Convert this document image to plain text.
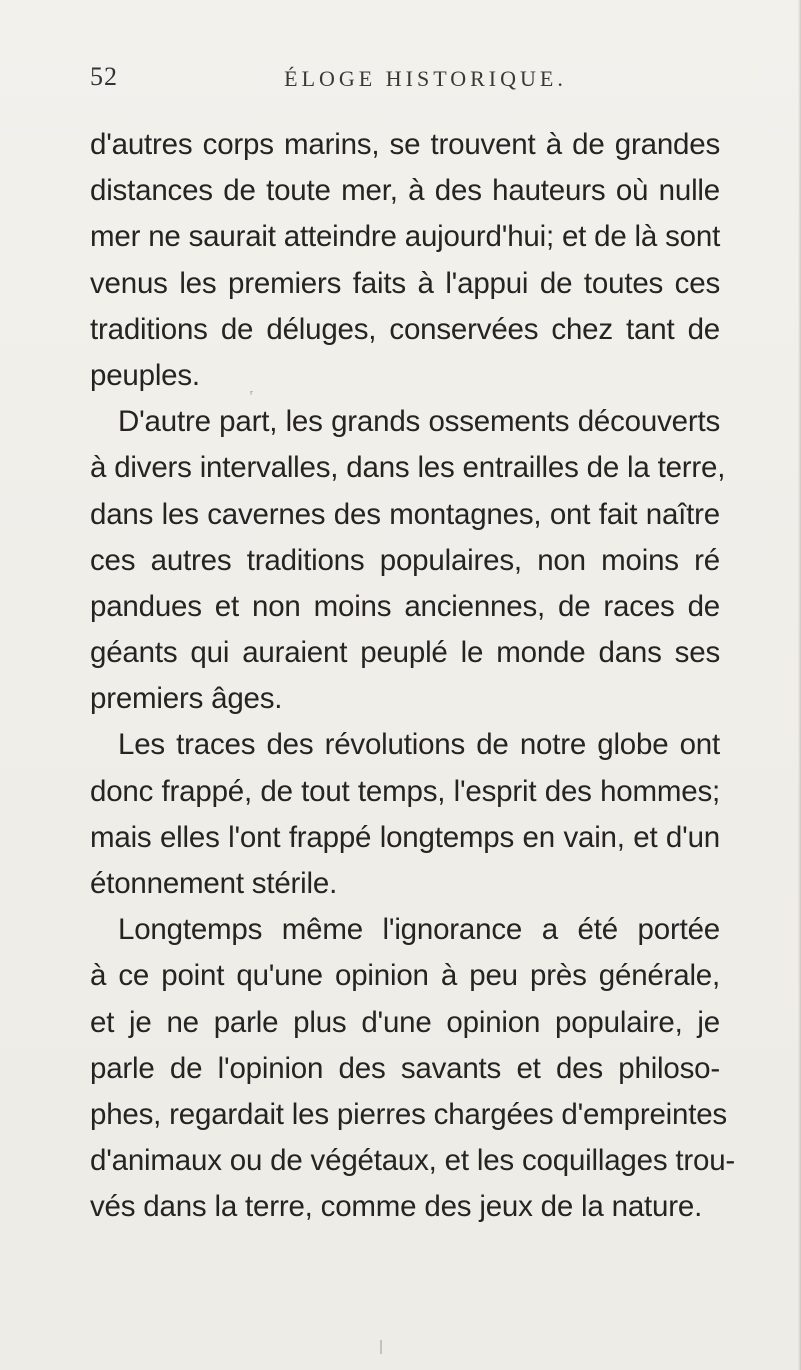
52	ÉLOGE HISTORIQUE.
d'autres corps marins, se trouvent à de grandes
distances de toute mer, à des hauteurs où nulle
mer ne saurait atteindre aujourd'hui; et de là sont
venus les premiers faits à l'appui de toutes ces
traditions de déluges, conservées chez tant de
peuples.
D'autre part, les grands ossements découverts
à divers intervalles, dans les entrailles de la terre,
dans les cavernes des montagnes, ont fait naître
ces autres traditions populaires, non moins ré
pandues et non moins anciennes, de races de
géants qui auraient peuplé le monde dans ses
premiers âges.
Les traces des révolutions de notre globe ont
donc frappé, de tout temps, l'esprit des hommes;
mais elles l'ont frappé longtemps en vain, et d'un
étonnement stérile.
Longtemps même l'ignorance a été portée
à ce point qu'une opinion à peu près générale,
et je ne parle plus d'une opinion populaire, je
parle de l'opinion des savants et des philoso-
phes, regardait les pierres chargées d'empreintes
d'animaux ou de végétaux, et les coquillages trou-
vés dans la terre, comme des jeux de la nature.
ʳ
